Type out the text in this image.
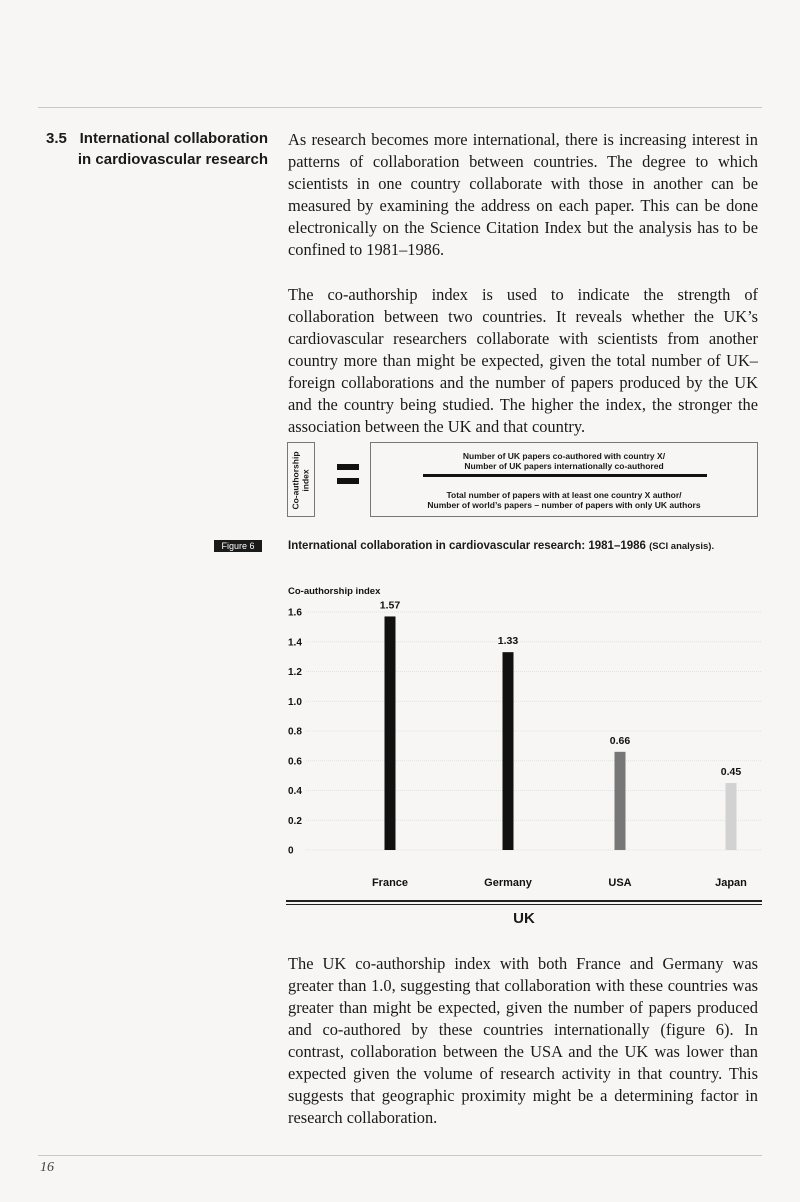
3.5 International collaboration in cardiovascular research

As research becomes more international, there is increasing interest in patterns of collaboration between countries. The degree to which scientists in one country collaborate with those in another can be measured by examining the address on each paper. This can be done electronically on the Science Citation Index but the analysis has to be confined to 1981–1986.

The co-authorship index is used to indicate the strength of collaboration between two countries. It reveals whether the UK’s cardiovascular researchers collaborate with scientists from another country more than might be expected, given the total number of UK–foreign collaborations and the number of papers produced by the UK and the country being studied. The higher the index, the stronger the association between the UK and that country.

Co-authorship index
Number of UK papers co-authored with country X/
Number of UK papers internationally co-authored
Total number of papers with at least one country X author/
Number of world’s papers – number of papers with only UK authors
Figure 6	International collaboration in cardiovascular research: 1981–1986 (SCI analysis).
Co-authorship index
1.6
1.4
1.2
1.0
0.8
0.6
0.4
0.2
0
1.57
France
1.33
Germany
0.66
USA
0.45
Japan
UK

The UK co-authorship index with both France and Germany was greater than 1.0, suggesting that collaboration with these countries was greater than might be expected, given the number of papers produced and co-authored by these countries internationally (figure 6). In contrast, collaboration between the USA and the UK was lower than expected given the volume of research activity in that country. This suggests that geographic proximity might be a determining factor in research collaboration.

16
